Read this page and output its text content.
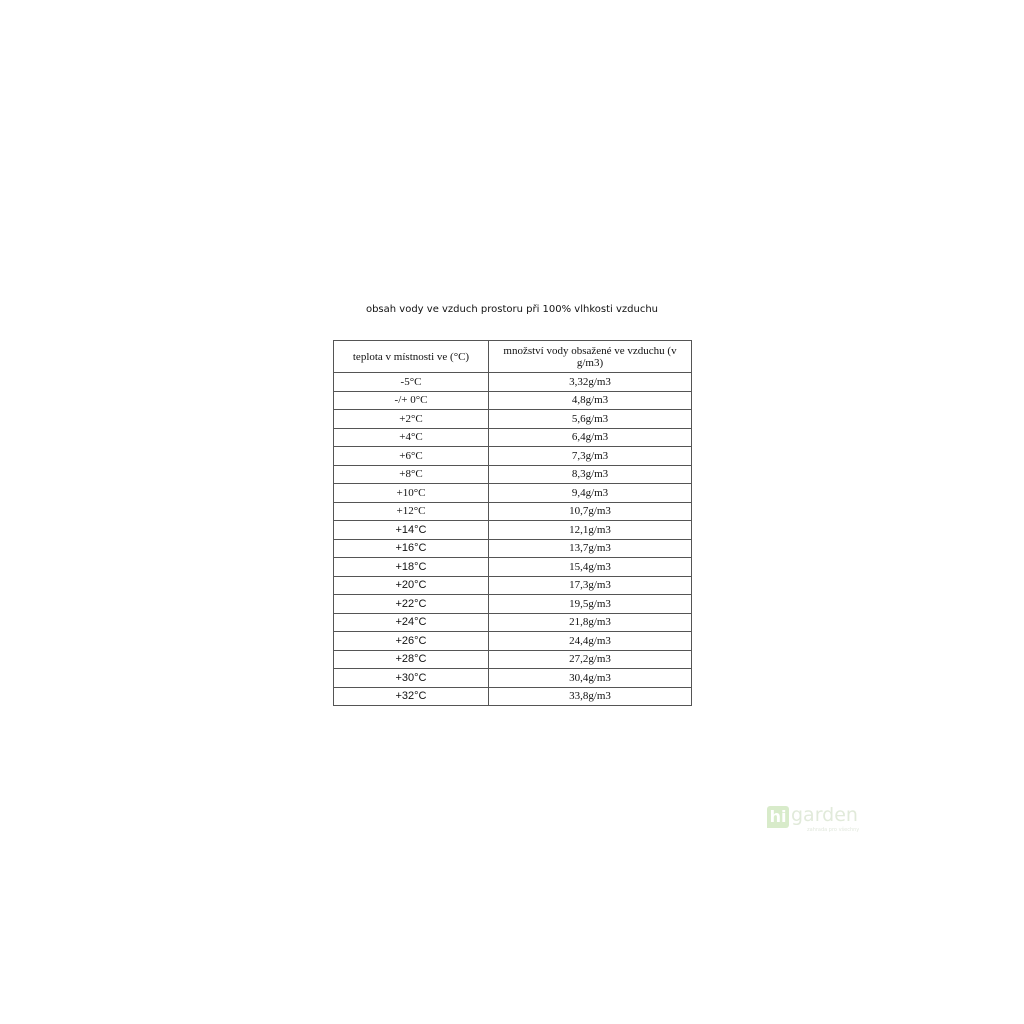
obsah vody ve vzduch prostoru při 100% vlhkosti vzduchu
teplota v místnosti ve (°C)	množství vody obsažené ve vzduchu (v g/m3)
-5°C	3,32g/m3
-/+ 0°C	4,8g/m3
+2°C	5,6g/m3
+4°C	6,4g/m3
+6°C	7,3g/m3
+8°C	8,3g/m3
+10°C	9,4g/m3
+12°C	10,7g/m3
+14°C	12,1g/m3
+16°C	13,7g/m3
+18°C	15,4g/m3
+20°C	17,3g/m3
+22°C	19,5g/m3
+24°C	21,8g/m3
+26°C	24,4g/m3
+28°C	27,2g/m3
+30°C	30,4g/m3
+32°C	33,8g/m3
hi garden
zahrada pro všechny
